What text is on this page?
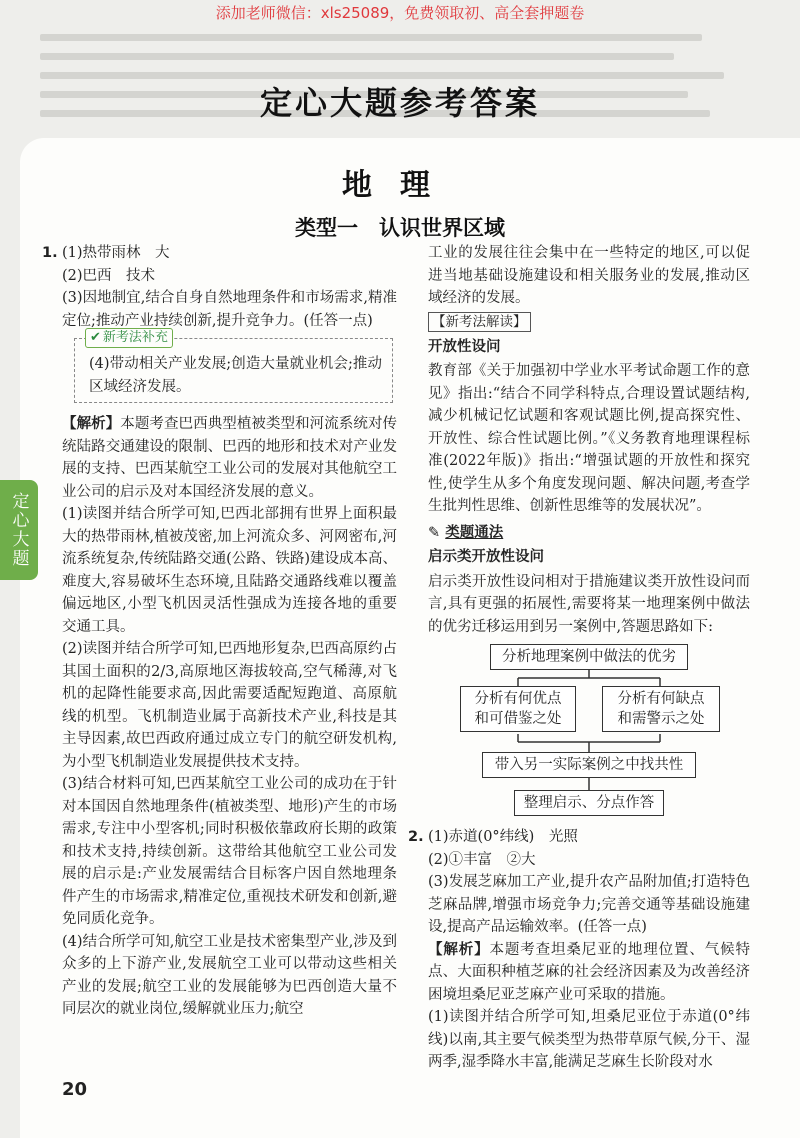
添加老师微信：xls25089，免费领取初、高全套押题卷
定心大题参考答案
定心大题
地理
类型一　认识世界区域

1. (1)热带雨林　大

(2)巴西　技术

(3)因地制宜,结合自身自然地理条件和市场需求,精准定位;推动产业持续创新,提升竞争力。(任答一点)

✔ 新考法补充

(4)带动相关产业发展;创造大量就业机会;推动区域经济发展。

【解析】本题考查巴西典型植被类型和河流系统对传统陆路交通建设的限制、巴西的地形和技术对产业发展的支持、巴西某航空工业公司的发展对其他航空工业公司的启示及对本国经济发展的意义。

(1)读图并结合所学可知,巴西北部拥有世界上面积最大的热带雨林,植被茂密,加上河流众多、河网密布,河流系统复杂,传统陆路交通(公路、铁路)建设成本高、难度大,容易破坏生态环境,且陆路交通路线难以覆盖偏远地区,小型飞机因灵活性强成为连接各地的重要交通工具。

(2)读图并结合所学可知,巴西地形复杂,巴西高原约占其国土面积的2/3,高原地区海拔较高,空气稀薄,对飞机的起降性能要求高,因此需要适配短跑道、高原航线的机型。飞机制造业属于高新技术产业,科技是其主导因素,故巴西政府通过成立专门的航空研发机构,为小型飞机制造业发展提供技术支持。

(3)结合材料可知,巴西某航空工业公司的成功在于针对本国因自然地理条件(植被类型、地形)产生的市场需求,专注中小型客机;同时积极依靠政府长期的政策和技术支持,持续创新。这带给其他航空工业公司发展的启示是:产业发展需结合目标客户因自然地理条件产生的市场需求,精准定位,重视技术研发和创新,避免同质化竞争。

(4)结合所学可知,航空工业是技术密集型产业,涉及到众多的上下游产业,发展航空工业可以带动这些相关产业的发展;航空工业的发展能够为巴西创造大量不同层次的就业岗位,缓解就业压力;航空

工业的发展往往会集中在一些特定的地区,可以促进当地基础设施建设和相关服务业的发展,推动区域经济的发展。

【新考法解读】

开放性设问

教育部《关于加强初中学业水平考试命题工作的意见》指出:“结合不同学科特点,合理设置试题结构,减少机械记忆试题和客观试题比例,提高探究性、开放性、综合性试题比例。”《义务教育地理课程标准(2022年版)》指出:“增强试题的开放性和探究性,使学生从多个角度发现问题、解决问题,考查学生批判性思维、创新性思维等的发展状况”。

✎ 类题通法

启示类开放性设问

启示类开放性设问相对于措施建议类开放性设问而言,具有更强的拓展性,需要将某一地理案例中做法的优劣迁移运用到另一案例中,答题思路如下:

分析地理案例中做法的优劣
分析有何优点
和可借鉴之处
分析有何缺点
和需警示之处
带入另一实际案例之中找共性
整理启示、分点作答

2. (1)赤道(0°纬线)　光照

(2)①丰富　②大

(3)发展芝麻加工产业,提升农产品附加值;打造特色芝麻品牌,增强市场竞争力;完善交通等基础设施建设,提高产品运输效率。(任答一点)

【解析】本题考查坦桑尼亚的地理位置、气候特点、大面积种植芝麻的社会经济因素及为改善经济困境坦桑尼亚芝麻产业可采取的措施。

(1)读图并结合所学可知,坦桑尼亚位于赤道(0°纬线)以南,其主要气候类型为热带草原气候,分干、湿两季,湿季降水丰富,能满足芝麻生长阶段对水

20
